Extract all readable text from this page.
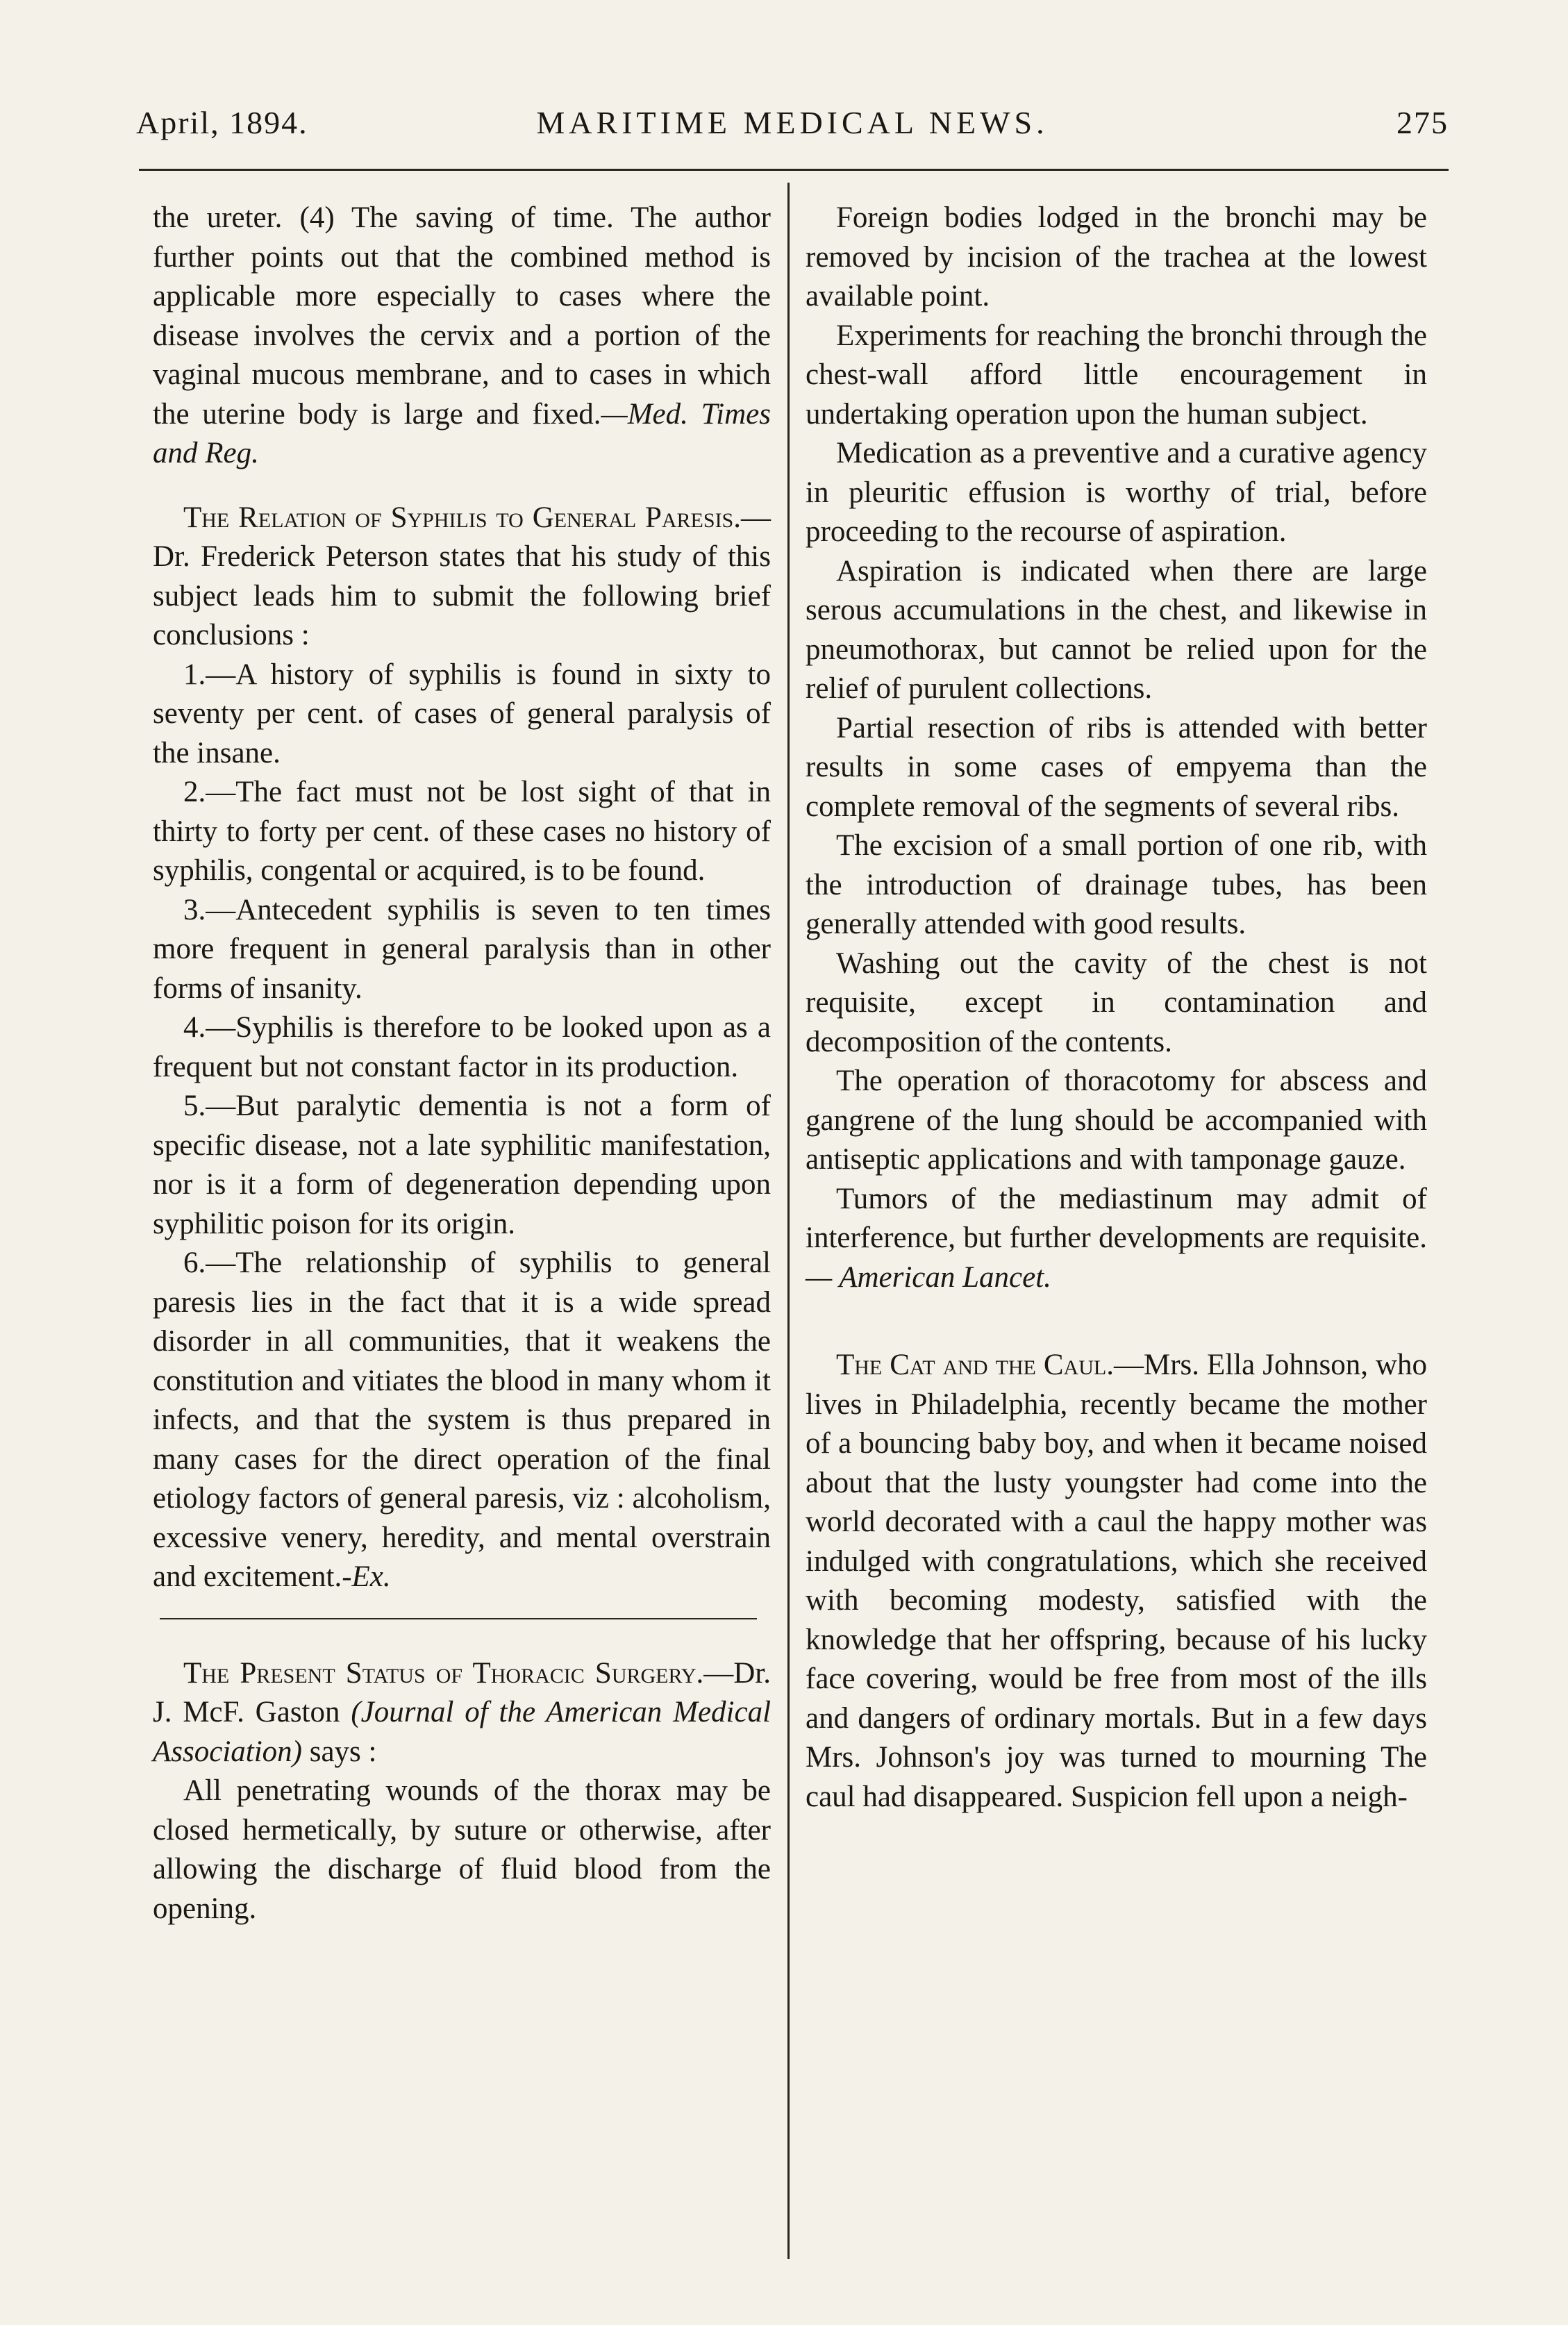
April, 1894.	MARITIME MEDICAL NEWS.	275

the ureter. (4) The saving of time. The author further points out that the combined method is applicable more especially to cases where the disease involves the cervix and a portion of the vaginal mucous membrane, and to cases in which the uterine body is large and fixed.—Med. Times and Reg.

The Relation of Syphilis to General Paresis.—Dr. Frederick Peterson states that his study of this subject leads him to submit the following brief conclusions :

1.—A history of syphilis is found in sixty to seventy per cent. of cases of general paralysis of the insane.

2.—The fact must not be lost sight of that in thirty to forty per cent. of these cases no history of syphilis, congental or acquired, is to be found.

3.—Antecedent syphilis is seven to ten times more frequent in general paralysis than in other forms of insanity.

4.—Syphilis is therefore to be looked upon as a frequent but not constant factor in its production.

5.—But paralytic dementia is not a form of specific disease, not a late syphilitic manifestation, nor is it a form of degeneration depending upon syphilitic poison for its origin.

6.—The relationship of syphilis to general paresis lies in the fact that it is a wide spread disorder in all communities, that it weakens the constitution and vitiates the blood in many whom it infects, and that the system is thus prepared in many cases for the direct operation of the final etiology factors of general paresis, viz : alcoholism, excessive venery, heredity, and mental overstrain and excitement.-Ex.

The Present Status of Thoracic Surgery.—Dr. J. McF. Gaston (Journal of the American Medical Association) says :

All penetrating wounds of the thorax may be closed hermetically, by suture or otherwise, after allowing the discharge of fluid blood from the opening.

Foreign bodies lodged in the bronchi may be removed by incision of the trachea at the lowest available point.

Experiments for reaching the bronchi through the chest-wall afford little encouragement in undertaking operation upon the human subject.

Medication as a preventive and a curative agency in pleuritic effusion is worthy of trial, before proceeding to the recourse of aspiration.

Aspiration is indicated when there are large serous accumulations in the chest, and likewise in pneumothorax, but cannot be relied upon for the relief of purulent collections.

Partial resection of ribs is attended with better results in some cases of empyema than the complete removal of the segments of several ribs.

The excision of a small portion of one rib, with the introduction of drainage tubes, has been generally attended with good results.

Washing out the cavity of the chest is not requisite, except in contamination and decomposition of the contents.

The operation of thoracotomy for abscess and gangrene of the lung should be accompanied with antiseptic applications and with tamponage gauze.

Tumors of the mediastinum may admit of interference, but further developments are requisite.— American Lancet.

The Cat and the Caul.—Mrs. Ella Johnson, who lives in Philadelphia, recently became the mother of a bouncing baby boy, and when it became noised about that the lusty youngster had come into the world decorated with a caul the happy mother was indulged with congratulations, which she received with becoming modesty, satisfied with the knowledge that her offspring, because of his lucky face covering, would be free from most of the ills and dangers of ordinary mortals. But in a few days Mrs. Johnson's joy was turned to mourning The caul had disappeared. Suspicion fell upon a neigh-
